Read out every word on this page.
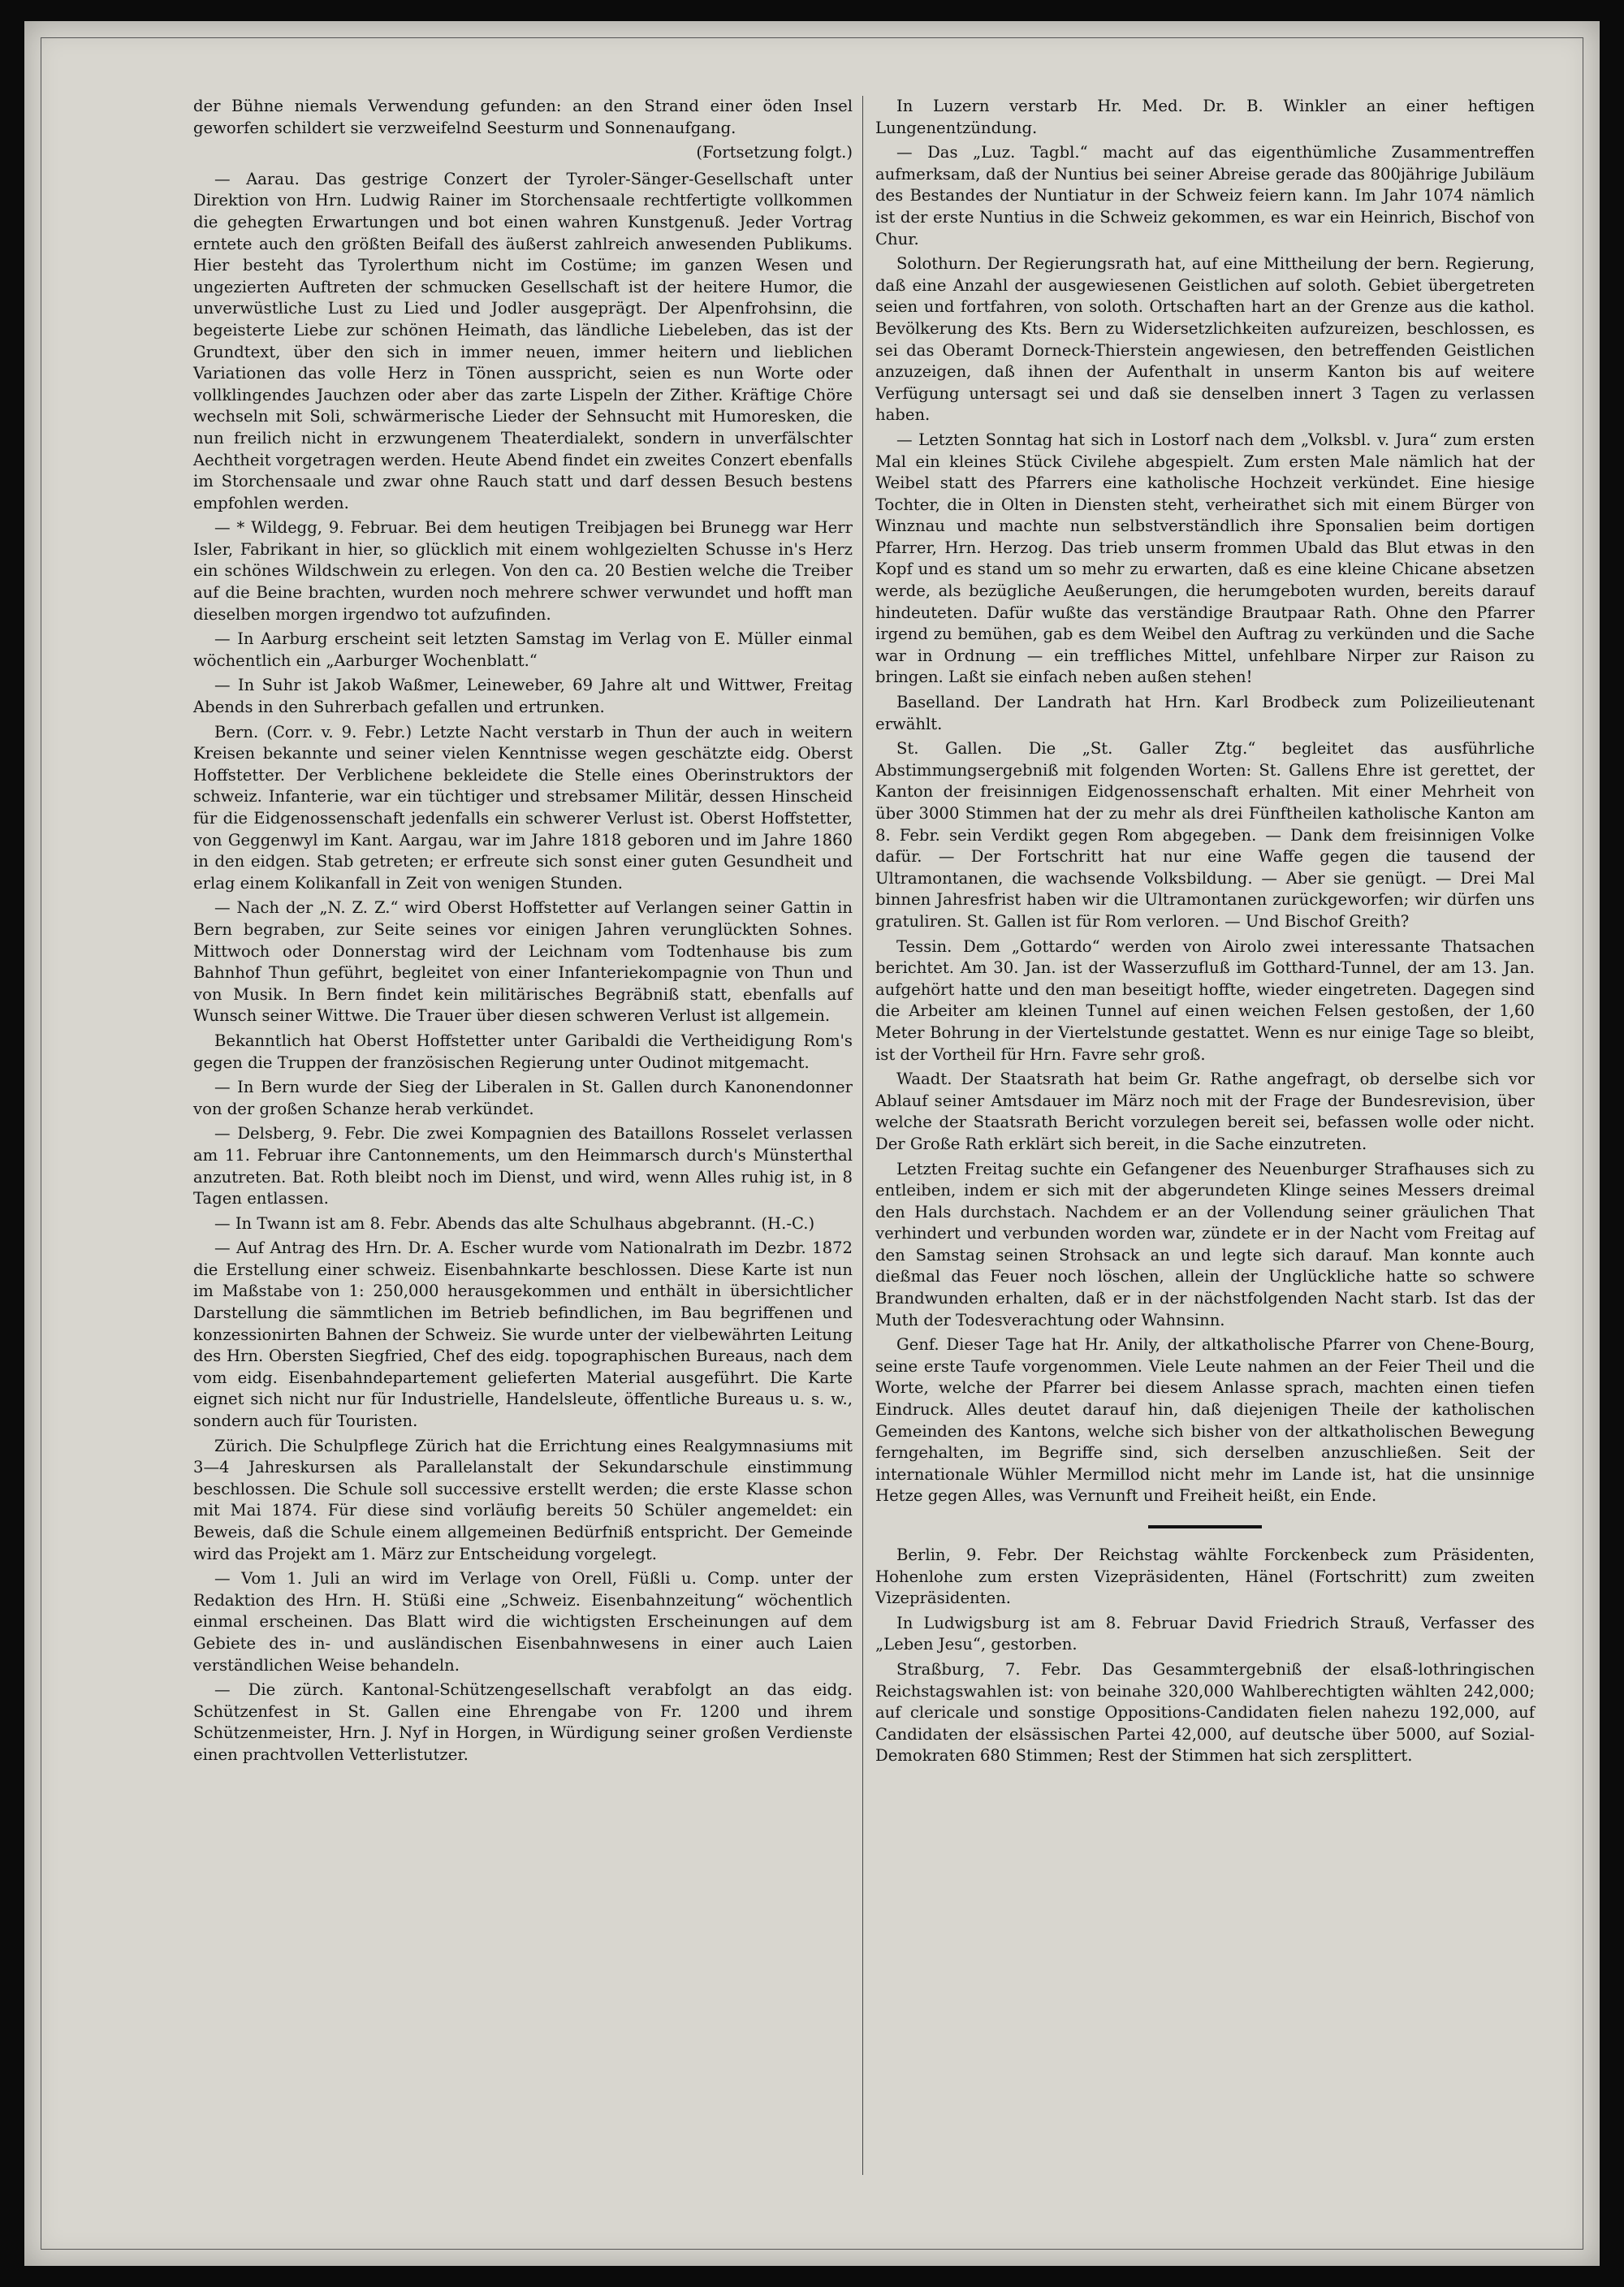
der Bühne niemals Verwendung gefunden: an den Strand einer öden Insel geworfen schildert sie verzweifelnd Seesturm und Sonnenaufgang.

(Fortsetzung folgt.)

— Aarau. Das gestrige Conzert der Tyroler-Sänger-Gesellschaft unter Direktion von Hrn. Ludwig Rainer im Storchensaale rechtfertigte vollkommen die gehegten Erwartungen und bot einen wahren Kunstgenuß. Jeder Vortrag erntete auch den größten Beifall des äußerst zahlreich anwesenden Publikums. Hier besteht das Tyrolerthum nicht im Costüme; im ganzen Wesen und ungezierten Auftreten der schmucken Gesellschaft ist der heitere Humor, die unverwüstliche Lust zu Lied und Jodler ausgeprägt. Der Alpenfrohsinn, die begeisterte Liebe zur schönen Heimath, das ländliche Liebeleben, das ist der Grundtext, über den sich in immer neuen, immer heitern und lieblichen Variationen das volle Herz in Tönen ausspricht, seien es nun Worte oder vollklingendes Jauchzen oder aber das zarte Lispeln der Zither. Kräftige Chöre wechseln mit Soli, schwärmerische Lieder der Sehnsucht mit Humoresken, die nun freilich nicht in erzwungenem Theaterdialekt, sondern in unverfälschter Aechtheit vorgetragen werden. Heute Abend findet ein zweites Conzert ebenfalls im Storchensaale und zwar ohne Rauch statt und darf dessen Besuch bestens empfohlen werden.

— * Wildegg, 9. Februar. Bei dem heutigen Treibjagen bei Brunegg war Herr Isler, Fabrikant in hier, so glücklich mit einem wohlgezielten Schusse in's Herz ein schönes Wildschwein zu erlegen. Von den ca. 20 Bestien welche die Treiber auf die Beine brachten, wurden noch mehrere schwer verwundet und hofft man dieselben morgen irgendwo tot aufzufinden.

— In Aarburg erscheint seit letzten Samstag im Verlag von E. Müller einmal wöchentlich ein „Aarburger Wochenblatt.“

— In Suhr ist Jakob Waßmer, Leineweber, 69 Jahre alt und Wittwer, Freitag Abends in den Suhrerbach gefallen und ertrunken.

Bern. (Corr. v. 9. Febr.) Letzte Nacht verstarb in Thun der auch in weitern Kreisen bekannte und seiner vielen Kenntnisse wegen geschätzte eidg. Oberst Hoffstetter. Der Verblichene bekleidete die Stelle eines Oberinstruktors der schweiz. Infanterie, war ein tüchtiger und strebsamer Militär, dessen Hinscheid für die Eidgenossenschaft jedenfalls ein schwerer Verlust ist. Oberst Hoffstetter, von Geggenwyl im Kant. Aargau, war im Jahre 1818 geboren und im Jahre 1860 in den eidgen. Stab getreten; er erfreute sich sonst einer guten Gesundheit und erlag einem Kolikanfall in Zeit von wenigen Stunden.

— Nach der „N. Z. Z.“ wird Oberst Hoffstetter auf Verlangen seiner Gattin in Bern begraben, zur Seite seines vor einigen Jahren verunglückten Sohnes. Mittwoch oder Donnerstag wird der Leichnam vom Todtenhause bis zum Bahnhof Thun geführt, begleitet von einer Infanteriekompagnie von Thun und von Musik. In Bern findet kein militärisches Begräbniß statt, ebenfalls auf Wunsch seiner Wittwe. Die Trauer über diesen schweren Verlust ist allgemein.

Bekanntlich hat Oberst Hoffstetter unter Garibaldi die Vertheidigung Rom's gegen die Truppen der französischen Regierung unter Oudinot mitgemacht.

— In Bern wurde der Sieg der Liberalen in St. Gallen durch Kanonendonner von der großen Schanze herab verkündet.

— Delsberg, 9. Febr. Die zwei Kompagnien des Bataillons Rosselet verlassen am 11. Februar ihre Cantonnements, um den Heimmarsch durch's Münsterthal anzutreten. Bat. Roth bleibt noch im Dienst, und wird, wenn Alles ruhig ist, in 8 Tagen entlassen.

— In Twann ist am 8. Febr. Abends das alte Schulhaus abgebrannt. (H.-C.)

— Auf Antrag des Hrn. Dr. A. Escher wurde vom Nationalrath im Dezbr. 1872 die Erstellung einer schweiz. Eisenbahnkarte beschlossen. Diese Karte ist nun im Maßstabe von 1: 250,000 herausgekommen und enthält in übersichtlicher Darstellung die sämmtlichen im Betrieb befindlichen, im Bau begriffenen und konzessionirten Bahnen der Schweiz. Sie wurde unter der vielbewährten Leitung des Hrn. Obersten Siegfried, Chef des eidg. topographischen Bureaus, nach dem vom eidg. Eisenbahndepartement gelieferten Material ausgeführt. Die Karte eignet sich nicht nur für Industrielle, Handelsleute, öffentliche Bureaus u. s. w., sondern auch für Touristen.

Zürich. Die Schulpflege Zürich hat die Errichtung eines Realgymnasiums mit 3—4 Jahreskursen als Parallelanstalt der Sekundarschule einstimmung beschlossen. Die Schule soll successive erstellt werden; die erste Klasse schon mit Mai 1874. Für diese sind vorläufig bereits 50 Schüler angemeldet: ein Beweis, daß die Schule einem allgemeinen Bedürfniß entspricht. Der Gemeinde wird das Projekt am 1. März zur Entscheidung vorgelegt.

— Vom 1. Juli an wird im Verlage von Orell, Füßli u. Comp. unter der Redaktion des Hrn. H. Stüßi eine „Schweiz. Eisenbahnzeitung“ wöchentlich einmal erscheinen. Das Blatt wird die wichtigsten Erscheinungen auf dem Gebiete des in- und ausländischen Eisenbahnwesens in einer auch Laien verständlichen Weise behandeln.

— Die zürch. Kantonal-Schützengesellschaft verabfolgt an das eidg. Schützenfest in St. Gallen eine Ehrengabe von Fr. 1200 und ihrem Schützenmeister, Hrn. J. Nyf in Horgen, in Würdigung seiner großen Verdienste einen prachtvollen Vetterlistutzer.

In Luzern verstarb Hr. Med. Dr. B. Winkler an einer heftigen Lungenentzündung.

— Das „Luz. Tagbl.“ macht auf das eigenthümliche Zusammentreffen aufmerksam, daß der Nuntius bei seiner Abreise gerade das 800jährige Jubiläum des Bestandes der Nuntiatur in der Schweiz feiern kann. Im Jahr 1074 nämlich ist der erste Nuntius in die Schweiz gekommen, es war ein Heinrich, Bischof von Chur.

Solothurn. Der Regierungsrath hat, auf eine Mittheilung der bern. Regierung, daß eine Anzahl der ausgewiesenen Geistlichen auf soloth. Gebiet übergetreten seien und fortfahren, von soloth. Ortschaften hart an der Grenze aus die kathol. Bevölkerung des Kts. Bern zu Widersetzlichkeiten aufzureizen, beschlossen, es sei das Oberamt Dorneck-Thierstein angewiesen, den betreffenden Geistlichen anzuzeigen, daß ihnen der Aufenthalt in unserm Kanton bis auf weitere Verfügung untersagt sei und daß sie denselben innert 3 Tagen zu verlassen haben.

— Letzten Sonntag hat sich in Lostorf nach dem „Volksbl. v. Jura“ zum ersten Mal ein kleines Stück Civilehe abgespielt. Zum ersten Male nämlich hat der Weibel statt des Pfarrers eine katholische Hochzeit verkündet. Eine hiesige Tochter, die in Olten in Diensten steht, verheirathet sich mit einem Bürger von Winznau und machte nun selbstverständlich ihre Sponsalien beim dortigen Pfarrer, Hrn. Herzog. Das trieb unserm frommen Ubald das Blut etwas in den Kopf und es stand um so mehr zu erwarten, daß es eine kleine Chicane absetzen werde, als bezügliche Aeußerungen, die herumgeboten wurden, bereits darauf hindeuteten. Dafür wußte das verständige Brautpaar Rath. Ohne den Pfarrer irgend zu bemühen, gab es dem Weibel den Auftrag zu verkünden und die Sache war in Ordnung — ein treffliches Mittel, unfehlbare Nirper zur Raison zu bringen. Laßt sie einfach neben außen stehen!

Baselland. Der Landrath hat Hrn. Karl Brodbeck zum Polizeilieutenant erwählt.

St. Gallen. Die „St. Galler Ztg.“ begleitet das ausführliche Abstimmungsergebniß mit folgenden Worten: St. Gallens Ehre ist gerettet, der Kanton der freisinnigen Eidgenossenschaft erhalten. Mit einer Mehrheit von über 3000 Stimmen hat der zu mehr als drei Fünftheilen katholische Kanton am 8. Febr. sein Verdikt gegen Rom abgegeben. — Dank dem freisinnigen Volke dafür. — Der Fortschritt hat nur eine Waffe gegen die tausend der Ultramontanen, die wachsende Volksbildung. — Aber sie genügt. — Drei Mal binnen Jahresfrist haben wir die Ultramontanen zurückgeworfen; wir dürfen uns gratuliren. St. Gallen ist für Rom verloren. — Und Bischof Greith?

Tessin. Dem „Gottardo“ werden von Airolo zwei interessante Thatsachen berichtet. Am 30. Jan. ist der Wasserzufluß im Gotthard-Tunnel, der am 13. Jan. aufgehört hatte und den man beseitigt hoffte, wieder eingetreten. Dagegen sind die Arbeiter am kleinen Tunnel auf einen weichen Felsen gestoßen, der 1,60 Meter Bohrung in der Viertelstunde gestattet. Wenn es nur einige Tage so bleibt, ist der Vortheil für Hrn. Favre sehr groß.

Waadt. Der Staatsrath hat beim Gr. Rathe angefragt, ob derselbe sich vor Ablauf seiner Amtsdauer im März noch mit der Frage der Bundesrevision, über welche der Staatsrath Bericht vorzulegen bereit sei, befassen wolle oder nicht. Der Große Rath erklärt sich bereit, in die Sache einzutreten.

Letzten Freitag suchte ein Gefangener des Neuenburger Strafhauses sich zu entleiben, indem er sich mit der abgerundeten Klinge seines Messers dreimal den Hals durchstach. Nachdem er an der Vollendung seiner gräulichen That verhindert und verbunden worden war, zündete er in der Nacht vom Freitag auf den Samstag seinen Strohsack an und legte sich darauf. Man konnte auch dießmal das Feuer noch löschen, allein der Unglückliche hatte so schwere Brandwunden erhalten, daß er in der nächstfolgenden Nacht starb. Ist das der Muth der Todesverachtung oder Wahnsinn.

Genf. Dieser Tage hat Hr. Anily, der altkatholische Pfarrer von Chene-Bourg, seine erste Taufe vorgenommen. Viele Leute nahmen an der Feier Theil und die Worte, welche der Pfarrer bei diesem Anlasse sprach, machten einen tiefen Eindruck. Alles deutet darauf hin, daß diejenigen Theile der katholischen Gemeinden des Kantons, welche sich bisher von der altkatholischen Bewegung ferngehalten, im Begriffe sind, sich derselben anzuschließen. Seit der internationale Wühler Mermillod nicht mehr im Lande ist, hat die unsinnige Hetze gegen Alles, was Vernunft und Freiheit heißt, ein Ende.

Berlin, 9. Febr. Der Reichstag wählte Forckenbeck zum Präsidenten, Hohenlohe zum ersten Vizepräsidenten, Hänel (Fortschritt) zum zweiten Vizepräsidenten.

In Ludwigsburg ist am 8. Februar David Friedrich Strauß, Verfasser des „Leben Jesu“, gestorben.

Straßburg, 7. Febr. Das Gesammtergebniß der elsaß-lothringischen Reichstagswahlen ist: von beinahe 320,000 Wahlberechtigten wählten 242,000; auf clericale und sonstige Oppositions-Candidaten fielen nahezu 192,000, auf Candidaten der elsässischen Partei 42,000, auf deutsche über 5000, auf Sozial-Demokraten 680 Stimmen; Rest der Stimmen hat sich zersplittert.
